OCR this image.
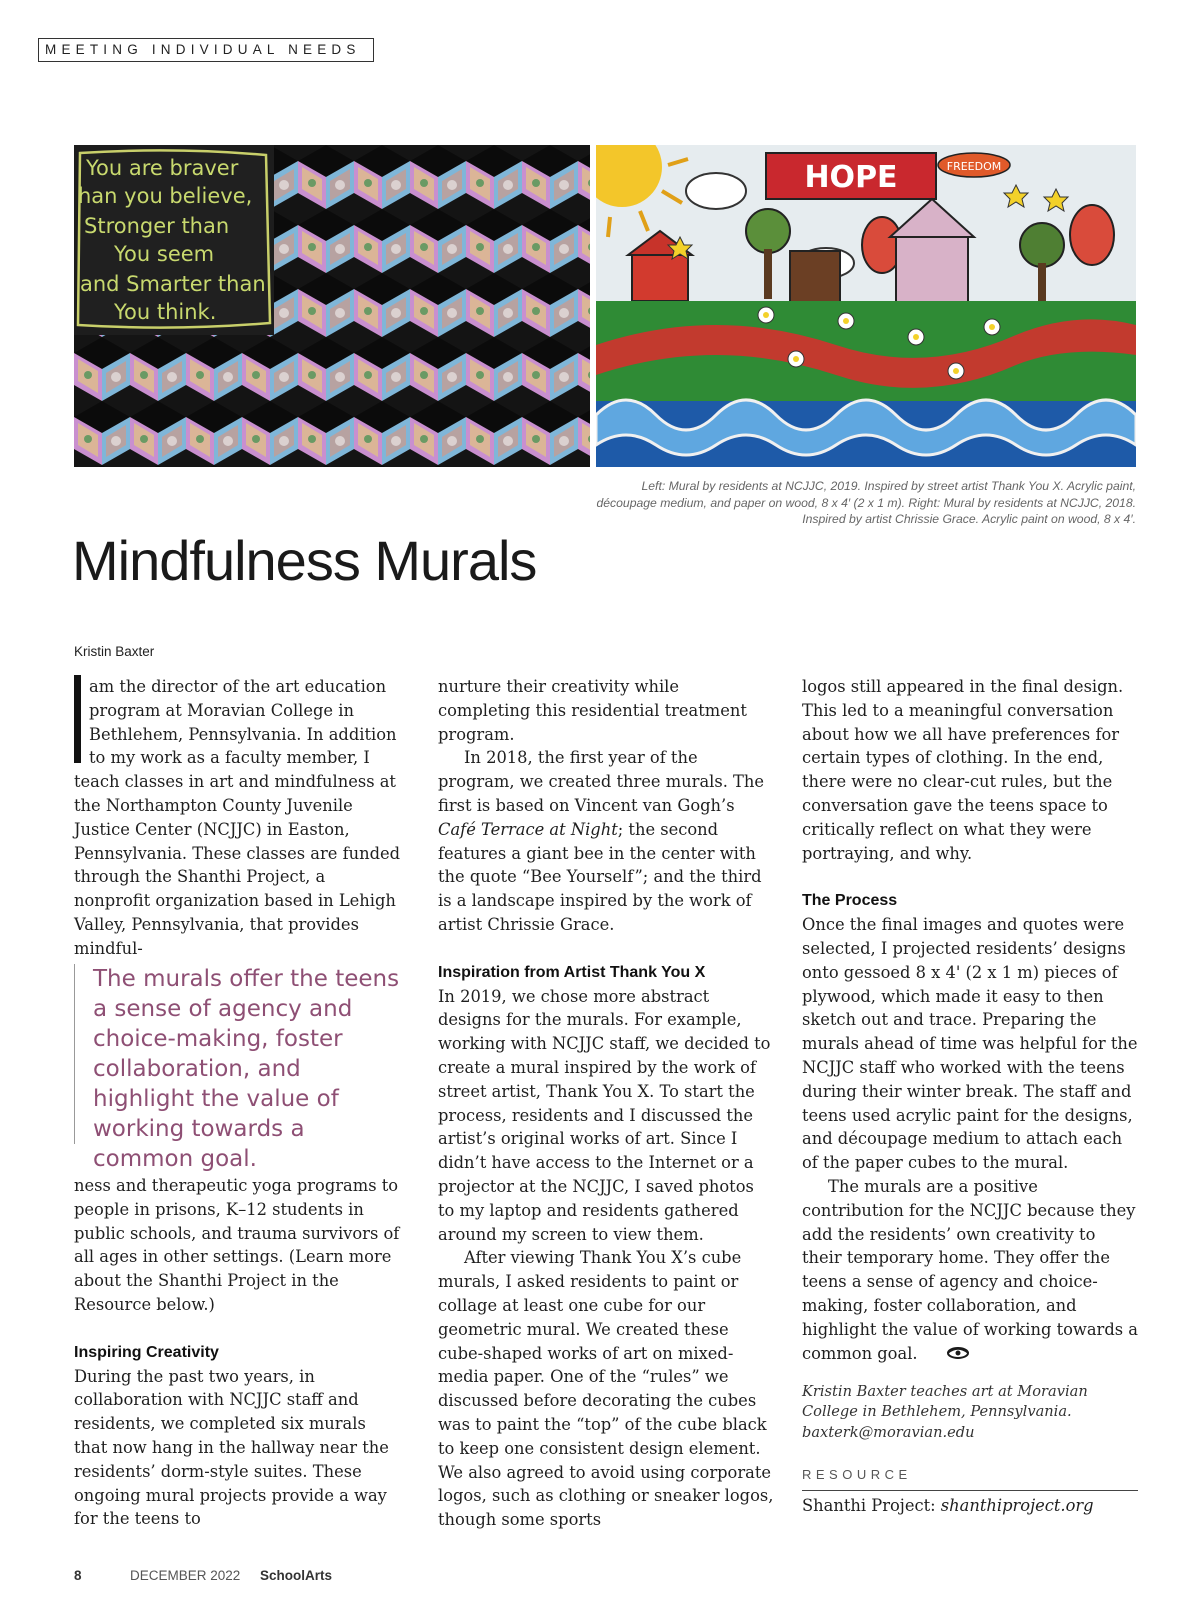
MEETING INDIVIDUAL NEEDS
You are braver
han you believe,
Stronger than
You seem
and Smarter than
You think.
HOPE	FREEDOM
Left: Mural by residents at NCJJC, 2019. Inspired by street artist Thank You X. Acrylic paint, découpage medium, and paper on wood, 8 x 4′ (2 x 1 m). Right: Mural by residents at NCJJC, 2018. Inspired by artist Chrissie Grace. Acrylic paint on wood, 8 x 4′.
Mindfulness Murals
Kristin Baxter

am the director of the art education program at Moravian College in Bethlehem, Pennsylvania. In addition to my work as a faculty member, I teach classes in art and mindfulness at the Northampton County Juvenile Justice Center (NCJJC) in Easton, Pennsylvania. These classes are funded through the Shanthi Project, a nonprofit organization based in Lehigh Valley, Pennsylvania, that provides mindful-

The murals offer the teens a sense of agency and choice-making, foster collaboration, and highlight the value of working towards a common goal.

ness and therapeutic yoga programs to people in prisons, K–12 students in public schools, and trauma survivors of all ages in other settings. (Learn more about the Shanthi Project in the Resource below.)

Inspiring Creativity

During the past two years, in collaboration with NCJJC staff and residents, we completed six murals that now hang in the hallway near the residents’ dorm-style suites. These ongoing mural projects provide a way for the teens to

nurture their creativity while completing this residential treatment program.

In 2018, the first year of the program, we created three murals. The first is based on Vincent van Gogh’s Café Terrace at Night; the second features a giant bee in the center with the quote “Bee Yourself”; and the third is a landscape inspired by the work of artist Chrissie Grace.

Inspiration from Artist Thank You X

In 2019, we chose more abstract designs for the murals. For example, working with NCJJC staff, we decided to create a mural inspired by the work of street artist, Thank You X. To start the process, residents and I discussed the artist’s original works of art. Since I didn’t have access to the Internet or a projector at the NCJJC, I saved photos to my laptop and residents gathered around my screen to view them.

After viewing Thank You X’s cube murals, I asked residents to paint or collage at least one cube for our geometric mural. We created these cube-shaped works of art on mixed-media paper. One of the “rules” we discussed before decorating the cubes was to paint the “top” of the cube black to keep one consistent design element. We also agreed to avoid using corporate logos, such as clothing or sneaker logos, though some sports

logos still appeared in the final design. This led to a meaningful conversation about how we all have preferences for certain types of clothing. In the end, there were no clear-cut rules, but the conversation gave the teens space to critically reflect on what they were portraying, and why.

The Process

Once the final images and quotes were selected, I projected residents’ designs onto gessoed 8 x 4' (2 x 1 m) pieces of plywood, which made it easy to then sketch out and trace. Preparing the murals ahead of time was helpful for the NCJJC staff who worked with the teens during their winter break. The staff and teens used acrylic paint for the designs, and découpage medium to attach each of the paper cubes to the mural.

The murals are a positive contribution for the NCJJC because they add the residents’ own creativity to their temporary home. They offer the teens a sense of agency and choice-making, foster collaboration, and highlight the value of working towards a common goal.

Kristin Baxter teaches art at Moravian College in Bethlehem, Pennsylvania.
baxterk@moravian.edu
RESOURCE
Shanthi Project: shanthiproject.org
8	DECEMBER 2022 SchoolArts
